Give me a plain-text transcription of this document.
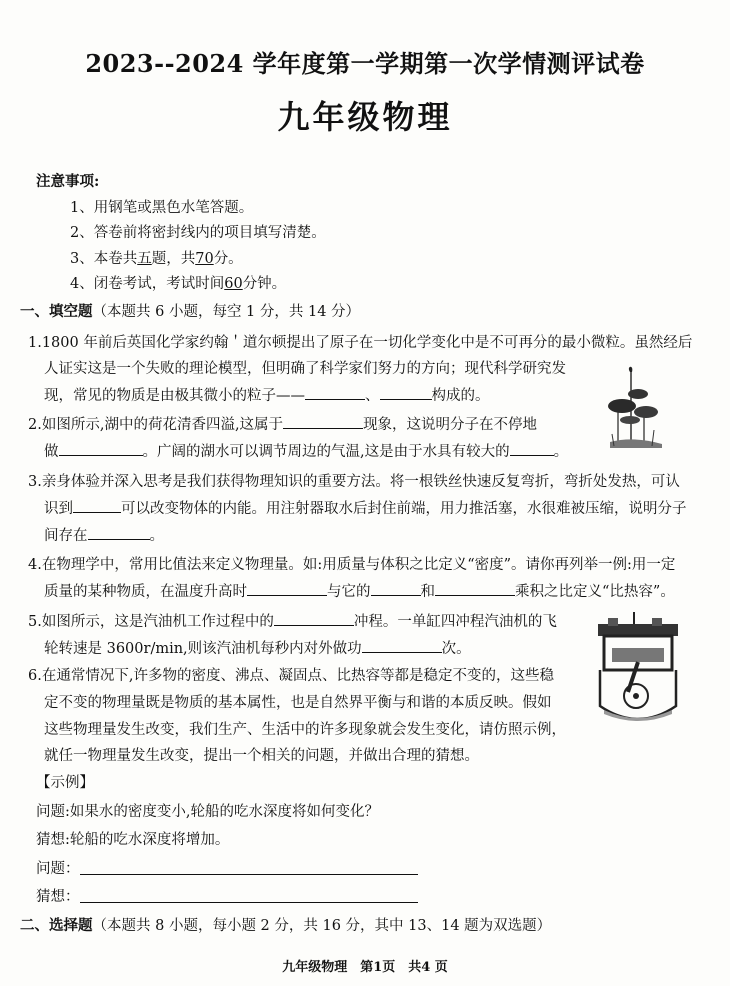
2023--2024 学年度第一学期第一次学情测评试卷
九年级物理
注意事项:
1、用钢笔或黑色水笔答题。
2、答卷前将密封线内的项目填写清楚。
3、本卷共五题，共70分。
4、闭卷考试，考试时间60分钟。
一、填空题（本题共 6 小题，每空 1 分，共 14 分）
1.1800 年前后英国化学家约翰＇道尔顿提出了原子在一切化学变化中是不可再分的最小微粒。虽然经后
人证实这是一个失败的理论模型，但明确了科学家们努力的方向；现代科学研究发
现，常见的物质是由极其微小的粒子——	、	构成的。
2.如图所示,湖中的荷花清香四溢,这属于	现象，这说明分子在不停地
做	。广阔的湖水可以调节周边的气温,这是由于水具有较大的	。
3.亲身体验并深入思考是我们获得物理知识的重要方法。将一根铁丝快速反复弯折，弯折处发热，可认
识到	可以改变物体的内能。用注射器取水后封住前端，用力推活塞，水很难被压缩，说明分子
间存在	。
4.在物理学中，常用比值法来定义物理量。如:用质量与体积之比定义“密度”。请你再列举一例:用一定
质量的某种物质，在温度升高时	与它的	和	乘积之比定义“比热容”。
5.如图所示，这是汽油机工作过程中的	冲程。一单缸四冲程汽油机的飞
轮转速是 3600r/min,则该汽油机每秒内对外做功	次。
6.在通常情况下,许多物的密度、沸点、凝固点、比热容等都是稳定不变的，这些稳
定不变的物理量既是物质的基本属性，也是自然界平衡与和谐的本质反映。假如
这些物理量发生改变，我们生产、生活中的许多现象就会发生变化，请仿照示例，
就任一物理量发生改变，提出一个相关的问题，并做出合理的猜想。
【示例】
问题:如果水的密度变小,轮船的吃水深度将如何变化？
猜想:轮船的吃水深度将增加。
问题：
猜想：
二、选择题（本题共 8 小题，每小题 2 分，共 16 分，其中 13、14 题为双选题）
九年级物理　第1页　共4 页
